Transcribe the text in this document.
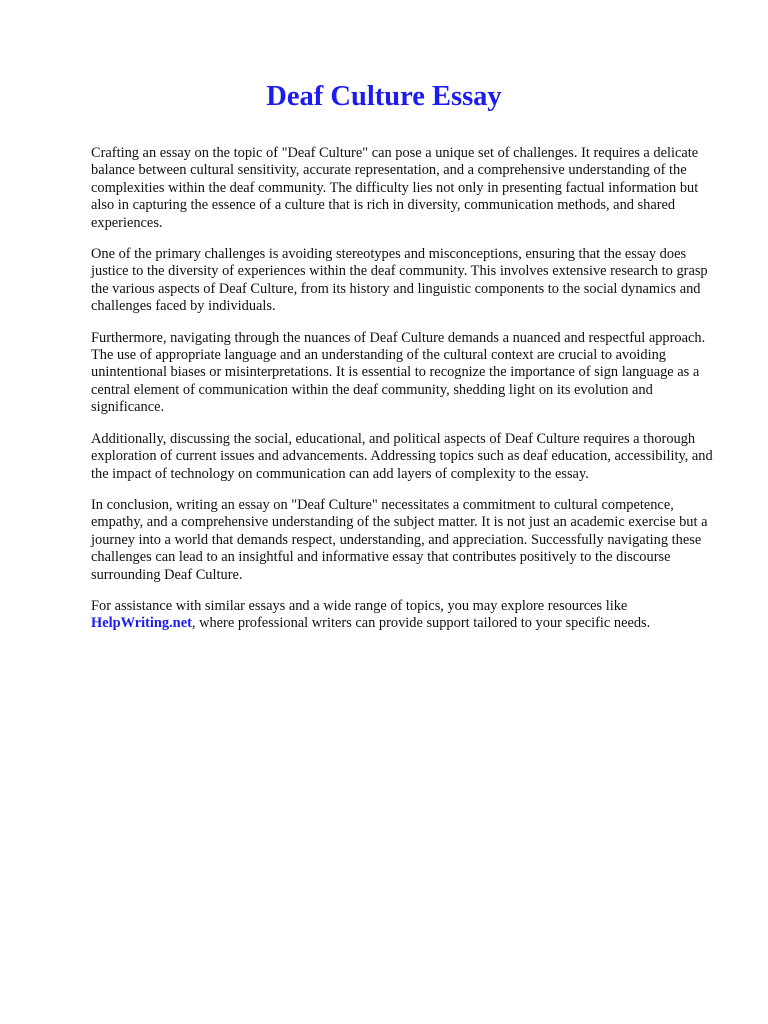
Deaf Culture Essay

Crafting an essay on the topic of "Deaf Culture" can pose a unique set of challenges. It requires a delicate balance between cultural sensitivity, accurate representation, and a comprehensive understanding of the complexities within the deaf community. The difficulty lies not only in presenting factual information but also in capturing the essence of a culture that is rich in diversity, communication methods, and shared experiences.

One of the primary challenges is avoiding stereotypes and misconceptions, ensuring that the essay does justice to the diversity of experiences within the deaf community. This involves extensive research to grasp the various aspects of Deaf Culture, from its history and linguistic components to the social dynamics and challenges faced by individuals.

Furthermore, navigating through the nuances of Deaf Culture demands a nuanced and respectful approach. The use of appropriate language and an understanding of the cultural context are crucial to avoiding unintentional biases or misinterpretations. It is essential to recognize the importance of sign language as a central element of communication within the deaf community, shedding light on its evolution and significance.

Additionally, discussing the social, educational, and political aspects of Deaf Culture requires a thorough exploration of current issues and advancements. Addressing topics such as deaf education, accessibility, and the impact of technology on communication can add layers of complexity to the essay.

In conclusion, writing an essay on "Deaf Culture" necessitates a commitment to cultural competence, empathy, and a comprehensive understanding of the subject matter. It is not just an academic exercise but a journey into a world that demands respect, understanding, and appreciation. Successfully navigating these challenges can lead to an insightful and informative essay that contributes positively to the discourse surrounding Deaf Culture.

For assistance with similar essays and a wide range of topics, you may explore resources like HelpWriting.net, where professional writers can provide support tailored to your specific needs.
